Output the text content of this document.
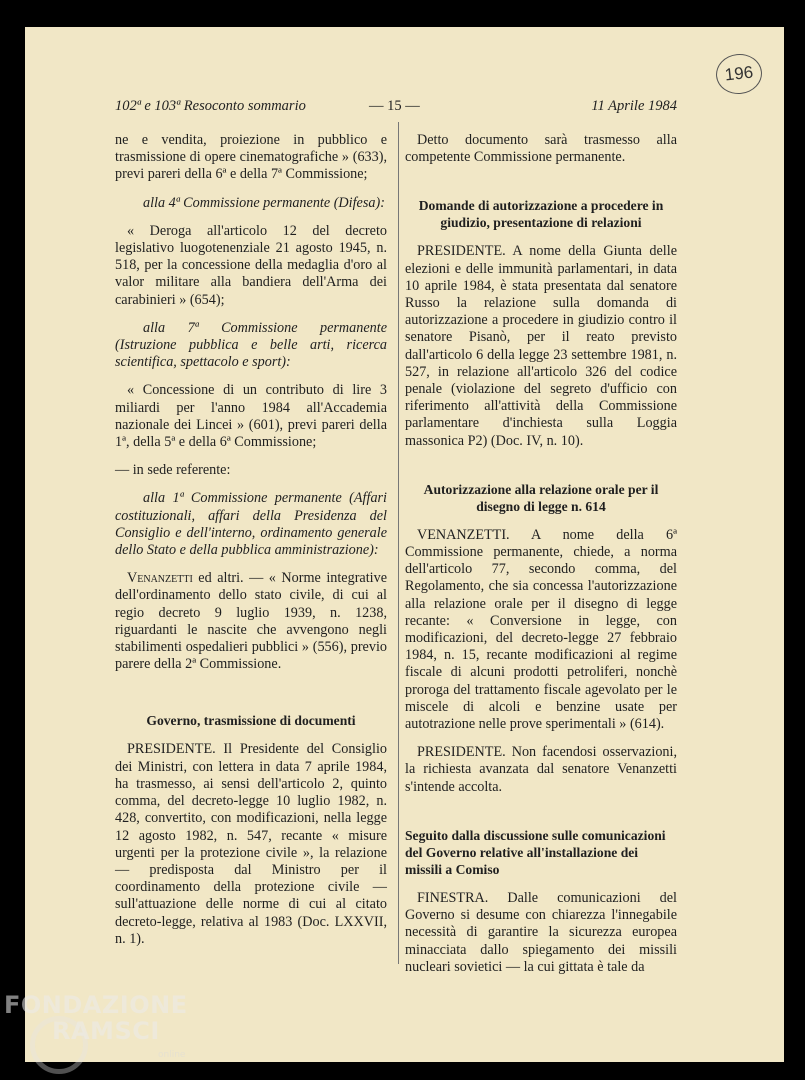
196
102ª e 103ª Resoconto sommario	— 15 —	11 Aprile 1984

ne e vendita, proiezione in pubblico e trasmissione di opere cinematografiche » (633), previ pareri della 6ª e della 7ª Commissione;

alla 4ª Commissione permanente (Difesa):

« Deroga all'articolo 12 del decreto legislativo luogotenenziale 21 agosto 1945, n. 518, per la concessione della medaglia d'oro al valor militare alla bandiera dell'Arma dei carabinieri » (654);

alla 7ª Commissione permanente (Istruzione pubblica e belle arti, ricerca scientifica, spettacolo e sport):

« Concessione di un contributo di lire 3 miliardi per l'anno 1984 all'Accademia nazionale dei Lincei » (601), previ pareri della 1ª, della 5ª e della 6ª Commissione;

— in sede referente:

alla 1ª Commissione permanente (Affari costituzionali, affari della Presidenza del Consiglio e dell'interno, ordinamento generale dello Stato e della pubblica amministrazione):

Venanzetti ed altri. — « Norme integrative dell'ordinamento dello stato civile, di cui al regio decreto 9 luglio 1939, n. 1238, riguardanti le nascite che avvengono negli stabilimenti ospedalieri pubblici » (556), previo parere della 2ª Commissione.

Governo, trasmissione di documenti

PRESIDENTE. Il Presidente del Consiglio dei Ministri, con lettera in data 7 aprile 1984, ha trasmesso, ai sensi dell'articolo 2, quinto comma, del decreto-legge 10 luglio 1982, n. 428, convertito, con modificazioni, nella legge 12 agosto 1982, n. 547, recante « misure urgenti per la protezione civile », la relazione — predisposta dal Ministro per il coordinamento della protezione civile — sull'attuazione delle norme di cui al citato decreto-legge, relativa al 1983 (Doc. LXXVII, n. 1).

Detto documento sarà trasmesso alla competente Commissione permanente.

Domande di autorizzazione a procedere in giudizio, presentazione di relazioni

PRESIDENTE. A nome della Giunta delle elezioni e delle immunità parlamentari, in data 10 aprile 1984, è stata presentata dal senatore Russo la relazione sulla domanda di autorizzazione a procedere in giudizio contro il senatore Pisanò, per il reato previsto dall'articolo 6 della legge 23 settembre 1981, n. 527, in relazione all'articolo 326 del codice penale (violazione del segreto d'ufficio con riferimento all'attività della Commissione parlamentare d'inchiesta sulla Loggia massonica P2) (Doc. IV, n. 10).

Autorizzazione alla relazione orale per il disegno di legge n. 614

VENANZETTI. A nome della 6ª Commissione permanente, chiede, a norma dell'articolo 77, secondo comma, del Regolamento, che sia concessa l'autorizzazione alla relazione orale per il disegno di legge recante: « Conversione in legge, con modificazioni, del decreto-legge 27 febbraio 1984, n. 15, recante modificazioni al regime fiscale di alcuni prodotti petroliferi, nonchè proroga del trattamento fiscale agevolato per le miscele di alcoli e benzine usate per autotrazione nelle prove sperimentali » (614).

PRESIDENTE. Non facendosi osservazioni, la richiesta avanzata dal senatore Venanzetti s'intende accolta.

Seguito dalla discussione sulle comunicazioni del Governo relative all'installazione dei missili a Comiso

FINESTRA. Dalle comunicazioni del Governo si desume con chiarezza l'innegabile necessità di garantire la sicurezza europea minacciata dallo spiegamento dei missili nucleari sovietici — la cui gittata è tale da

FONDAZIONE
RAMSCI
online
